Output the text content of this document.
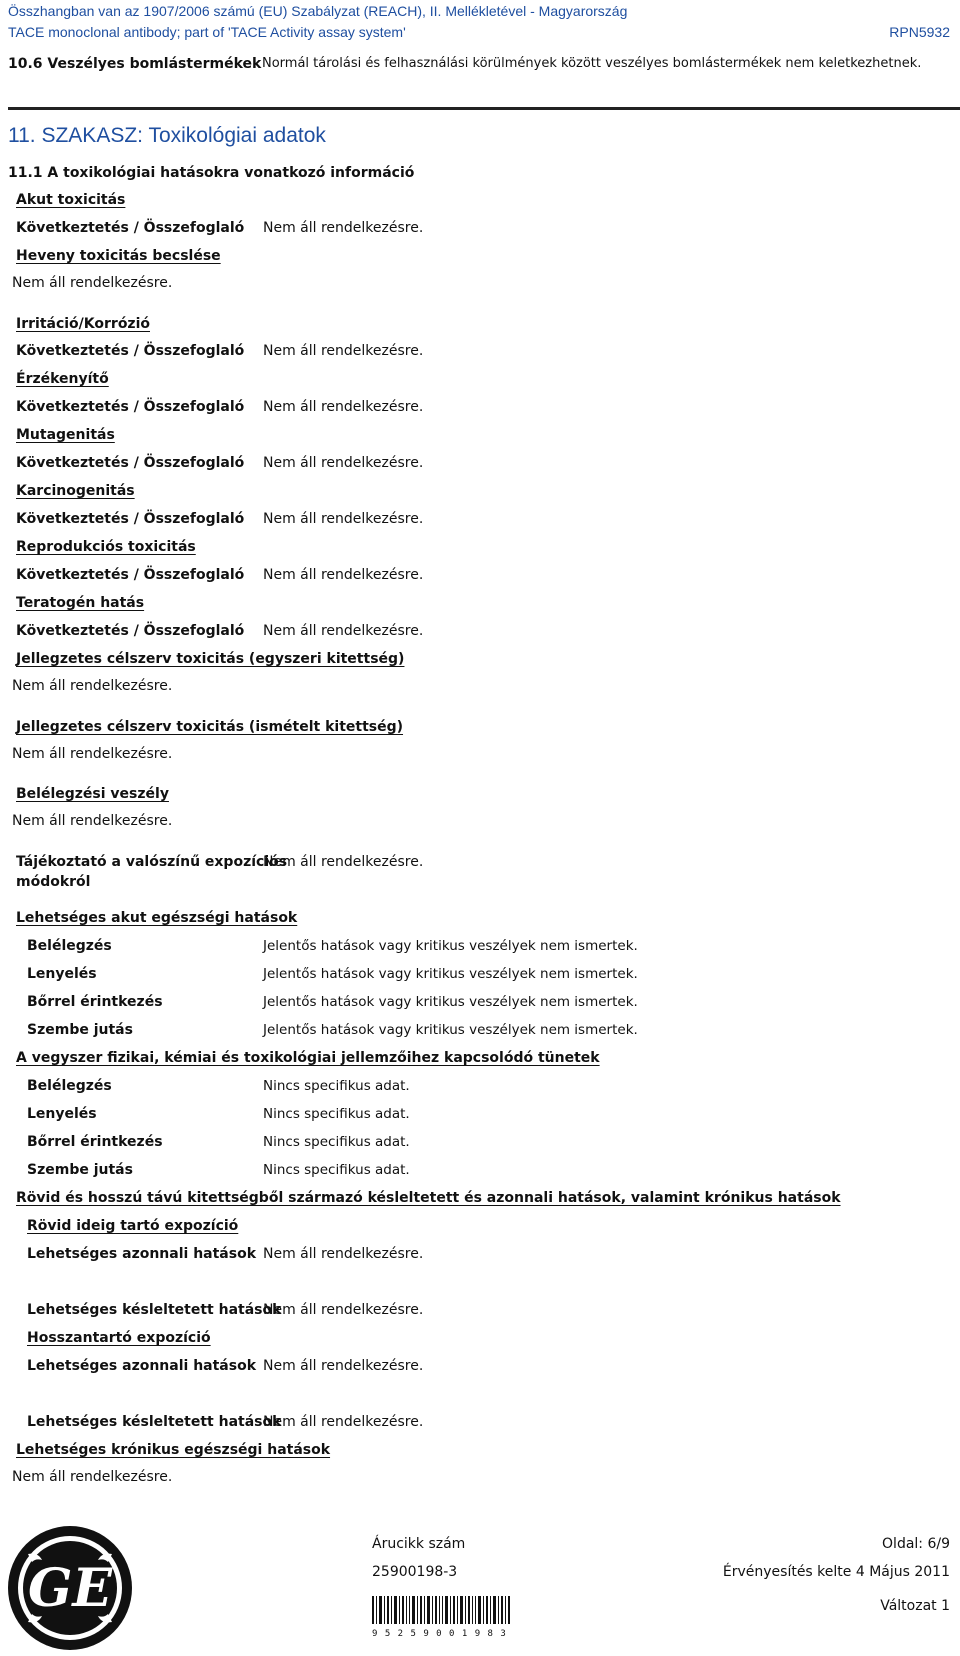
Összhangban van az 1907/2006 számú (EU) Szabályzat (REACH), II. Mellékletével - Magyarország
TACE monoclonal antibody; part of 'TACE Activity assay system'	RPN5932
10.6 Veszélyes bomlástermékek Normál tárolási és felhasználási körülmények között veszélyes bomlástermékek nem keletkezhetnek.
11. SZAKASZ: Toxikológiai adatok
11.1 A toxikológiai hatásokra vonatkozó információ
Akut toxicitás
Következtetés / Összefoglaló Nem áll rendelkezésre.
Heveny toxicitás becslése
Nem áll rendelkezésre.
Irritáció/Korrózió
Következtetés / Összefoglaló Nem áll rendelkezésre.
Érzékenyítő
Következtetés / Összefoglaló Nem áll rendelkezésre.
Mutagenitás
Következtetés / Összefoglaló Nem áll rendelkezésre.
Karcinogenitás
Következtetés / Összefoglaló Nem áll rendelkezésre.
Reprodukciós toxicitás
Következtetés / Összefoglaló Nem áll rendelkezésre.
Teratogén hatás
Következtetés / Összefoglaló Nem áll rendelkezésre.
Jellegzetes célszerv toxicitás (egyszeri kitettség)
Nem áll rendelkezésre.
Jellegzetes célszerv toxicitás (ismételt kitettség)
Nem áll rendelkezésre.
Belélegzési veszély
Nem áll rendelkezésre.
Tájékoztató a valószínű expozíciós
módokról
Nem áll rendelkezésre.
Lehetséges akut egészségi hatások
Belélegzés	Jelentős hatások vagy kritikus veszélyek nem ismertek.
Lenyelés	Jelentős hatások vagy kritikus veszélyek nem ismertek.
Bőrrel érintkezés	Jelentős hatások vagy kritikus veszélyek nem ismertek.
Szembe jutás	Jelentős hatások vagy kritikus veszélyek nem ismertek.
A vegyszer fizikai, kémiai és toxikológiai jellemzőihez kapcsolódó tünetek
Belélegzés	Nincs specifikus adat.
Lenyelés	Nincs specifikus adat.
Bőrrel érintkezés	Nincs specifikus adat.
Szembe jutás	Nincs specifikus adat.
Rövid és hosszú távú kitettségből származó késleltetett és azonnali hatások, valamint krónikus hatások
Rövid ideig tartó expozíció
Lehetséges azonnali hatások Nem áll rendelkezésre.
Lehetséges késleltetett hatások
Nem áll rendelkezésre.
Hosszantartó expozíció
Lehetséges azonnali hatások Nem áll rendelkezésre.
Lehetséges késleltetett hatások
Nem áll rendelkezésre.
Lehetséges krónikus egészségi hatások
Nem áll rendelkezésre.
GE
Árucikk szám
25900198-3
Oldal: 6/9
Érvényesítés kelte 4 Május 2011
Változat 1
9 5 2 5 9 0 0 1 9 8 3
